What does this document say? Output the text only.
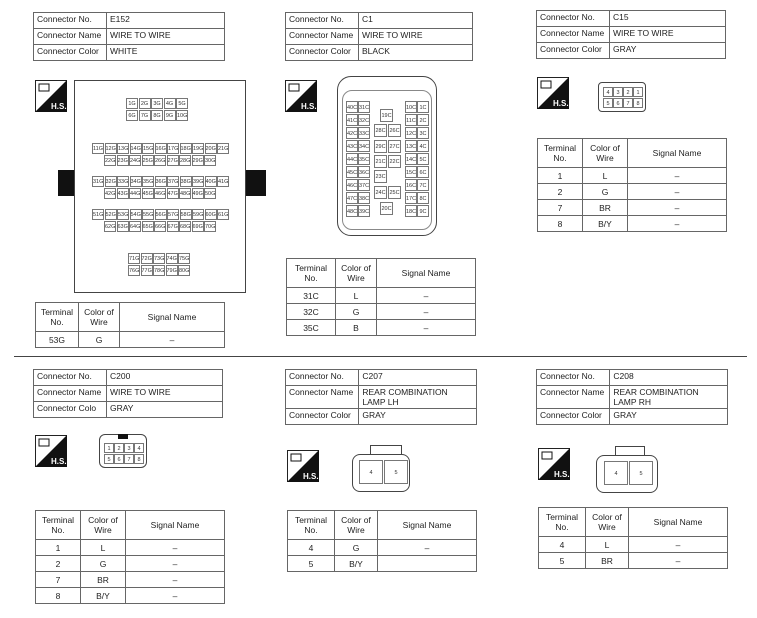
Connector No.	E152
Connector Name	WIRE TO WIRE
Connector Color	WHITE
H.S.	1G 2G 3G 4G 5G
6G 7G 8G 9G 10G
11G 12G 13G 14G 15G 16G 17G 18G 19G 20G 21G
22G 23G 24G 25G 26G 27G 28G 29G 30G
31G 32G 33G 34G 35G 36G 37G 38G 39G 40G 41G
42G 43G 44G 45G 46G 47G 48G 49G 50G
51G 52G 53G 54G 55G 56G 57G 58G 59G 60G 61G
62G 63G 64G 65G 66G 67G 68G 69G 70G
71G 72G 73G 74G 75G
76G 77G 78G 79G 80G
Terminal No.	Color of Wire	Signal Name
53G	G	–
Connector No.	C1
Connector Name	WIRE TO WIRE
Connector Color	BLACK
H.S.	40C 31C
41C 32C
42C 33C
43C 34C
44C 35C
45C 36C
46C 37C
47C 38C
48C 39C
28C 26C
29C 27C
21C 22C
23C
24C 25C
19C
20C
10C 1C
11C 2C
12C 3C
13C 4C
14C 5C
15C 6C
16C 7C
17C 8C
18C 9C
Terminal No.	Color of Wire	Signal Name
31C	L	–
32C	G	–
35C	B	–
Connector No.	C15
Connector Name	WIRE TO WIRE
Connector Color	GRAY
H.S.
4	3	2	1
5	6	7	8
Terminal No.	Color of Wire	Signal Name
1	L	–
2	G	–
7	BR	–
8	B/Y	–
Connector No.	C200
Connector Name	WIRE TO WIRE
Connector Colo	GRAY
H.S.
1	2	3	4
5	6	7	8
Terminal No.	Color of Wire	Signal Name
1	L	–
2	G	–
7	BR	–
8	B/Y	–
Connector No.	C207
Connector Name	REAR COMBINATION LAMP LH
Connector Color	GRAY
H.S.	4	5
Terminal No.	Color of Wire	Signal Name
4	G	–
5	B/Y	
Connector No.	C208
Connector Name	REAR COMBINATION LAMP RH
Connector Color	GRAY
H.S.	4	5
Terminal No.	Color of Wire	Signal Name
4	L	–
5	BR	–
